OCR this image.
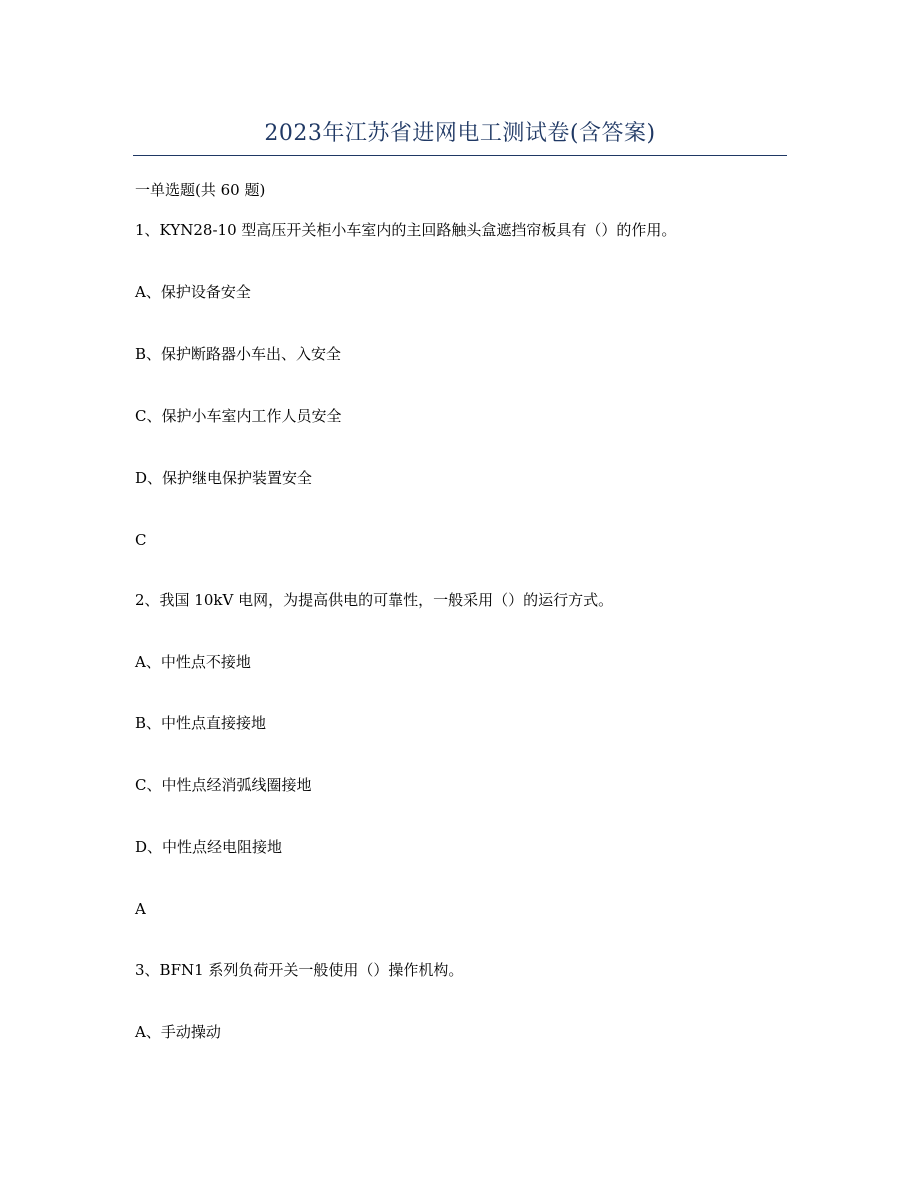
2023年江苏省进网电工测试卷(含答案)
一单选题(共 60 题)
1、KYN28-10 型高压开关柜小车室内的主回路触头盒遮挡帘板具有（）的作用。
A、保护设备安全
B、保护断路器小车出、入安全
C、保护小车室内工作人员安全
D、保护继电保护装置安全
C
2、我国 10kV 电网，为提高供电的可靠性，一般采用（）的运行方式。
A、中性点不接地
B、中性点直接接地
C、中性点经消弧线圈接地
D、中性点经电阻接地
A
3、BFN1 系列负荷开关一般使用（）操作机构。
A、手动操动
